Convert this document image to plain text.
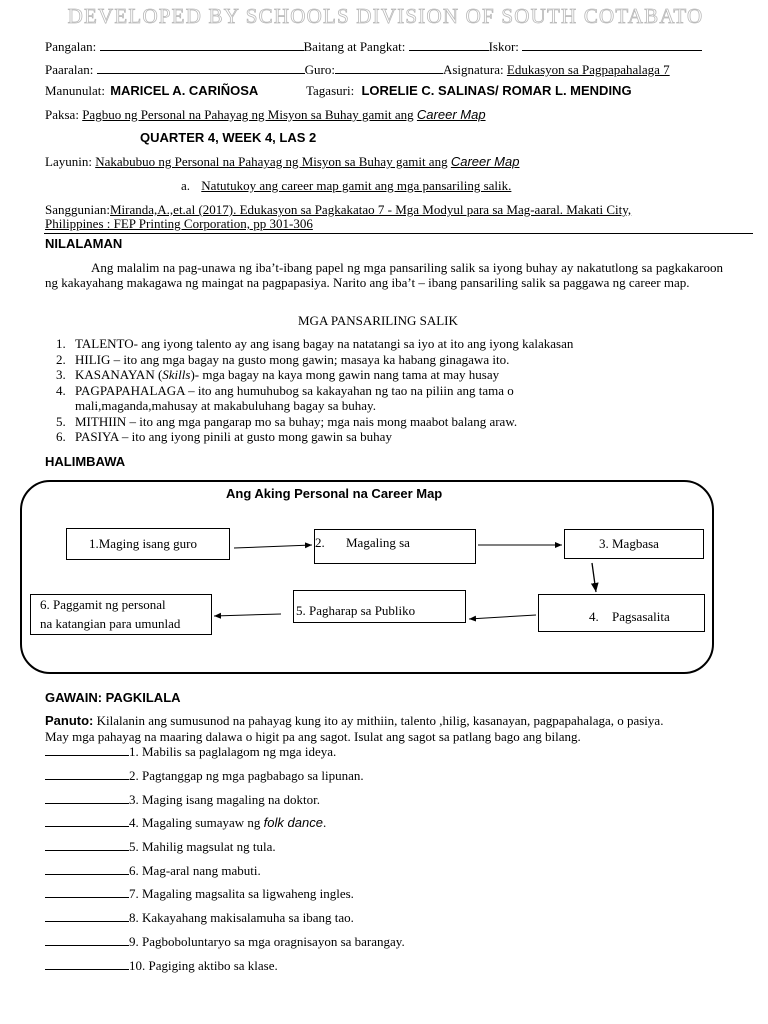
DEVELOPED BY SCHOOLS DIVISION OF SOUTH COTABATO
Pangalan:	Baitang at Pangkat:	Iskor:
Paaralan:	Guro:	Asignatura: Edukasyon sa Pagpapahalaga 7
Manunulat: MARICEL A. CARIÑOSA	Tagasuri: LORELIE C. SALINAS/ ROMAR L. MENDING
Paksa: Pagbuo ng Personal na Pahayag ng Misyon sa Buhay gamit ang Career Map
QUARTER 4, WEEK 4, LAS 2
Layunin: Nakabubuo ng Personal na Pahayag ng Misyon sa Buhay gamit ang Career Map
a. Natutukoy ang career map gamit ang mga pansariling salik.
Sanggunian:Miranda,A.,et.al (2017). Edukasyon sa Pagkakatao 7 - Mga Modyul para sa Mag-aaral. Makati City,
Philippines : FEP Printing Corporation, pp 301-306
NILALAMAN

Ang malalim na pag-unawa ng iba’t-ibang papel ng mga pansariling salik sa iyong buhay ay nakatutlong sa pagkakaroon ng kakayahang makagawa ng maingat na pagpapasiya. Narito ang iba’t – ibang pansariling salik sa paggawa ng career map.

MGA PANSARILING SALIK
1. TALENTO- ang iyong talento ay ang isang bagay na natatangi sa iyo at ito ang iyong kalakasan
2. HILIG – ito ang mga bagay na gusto mong gawin; masaya ka habang ginagawa ito.
3. KASANAYAN (Skills)- mga bagay na kaya mong gawin nang tama at may husay
4. PAGPAPAHALAGA – ito ang humuhubog sa kakayahan ng tao na piliin ang tama o mali,maganda,mahusay at makabuluhang bagay sa buhay.
5. MITHIIN – ito ang mga pangarap mo sa buhay; mga nais mong maabot balang araw.
6. PASIYA – ito ang iyong pinili at gusto mong gawin sa buhay
HALIMBAWA
Ang Aking Personal na Career Map
1.Maging isang guro	2. Magaling sa	3. Magbasa
4. Pagsasalita
5. Pagharap sa Publiko
6. Paggamit ng personal
na katangian para umunlad
GAWAIN: PAGKILALA
Panuto: Kilalanin ang sumusunod na pahayag kung ito ay mithiin, talento ,hilig, kasanayan, pagpapahalaga, o pasiya.
May mga pahayag na maaring dalawa o higit pa ang sagot. Isulat ang sagot sa patlang bago ang bilang.
1. Mabilis sa paglalagom ng mga ideya.
2. Pagtanggap ng mga pagbabago sa lipunan.
3. Maging isang magaling na doktor.
4. Magaling sumayaw ng folk dance.
5. Mahilig magsulat ng tula.
6. Mag-aral nang mabuti.
7. Magaling magsalita sa ligwaheng ingles.
8. Kakayahang makisalamuha sa ibang tao.
9. Pagboboluntaryo sa mga oragnisayon sa barangay.
10. Pagiging aktibo sa klase.
